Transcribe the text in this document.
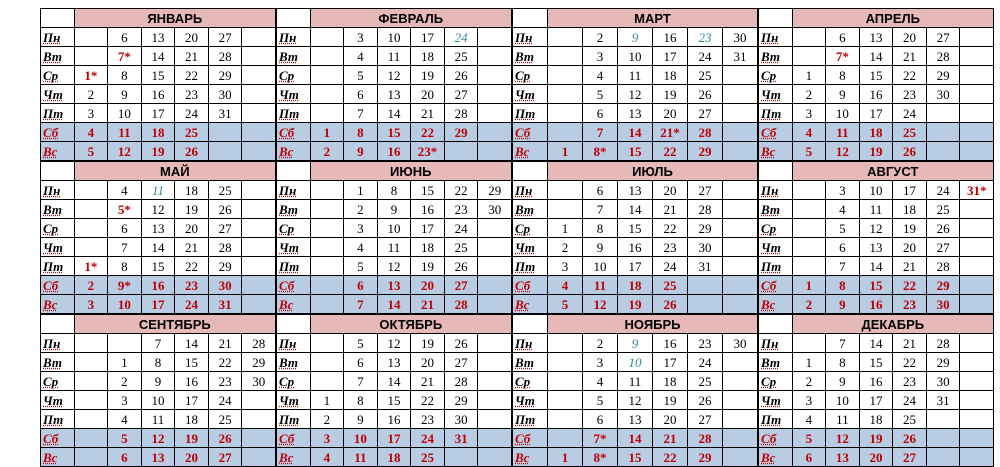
	ЯНВАРЬ					
Пн		6	13	20	27	
Вт		7*	14	21	28	
Ср	1*	8	15	22	29	
Чт	2	9	16	23	30	
Пт	3	10	17	24	31	
Сб	4	11	18	25		
Вс	5	12	19	26		
	ФЕВРАЛЬ					
Пн		3	10	17	24	
Вт		4	11	18	25	
Ср		5	12	19	26	
Чт		6	13	20	27	
Пт		7	14	21	28	
Сб	1	8	15	22	29	
Вс	2	9	16	23*		
	МАРТ					
Пн		2	9	16	23	30
Вт		3	10	17	24	31
Ср		4	11	18	25	
Чт		5	12	19	26	
Пт		6	13	20	27	
Сб		7	14	21*	28	
Вс	1	8*	15	22	29	
	АПРЕЛЬ					
Пн		6	13	20	27	
Вт		7*	14	21	28	
Ср	1	8	15	22	29	
Чт	2	9	16	23	30	
Пт	3	10	17	24		
Сб	4	11	18	25		
Вс	5	12	19	26		
	МАЙ					
Пн		4	11	18	25	
Вт		5*	12	19	26	
Ср		6	13	20	27	
Чт		7	14	21	28	
Пт	1*	8	15	22	29	
Сб	2	9*	16	23	30	
Вс	3	10	17	24	31	
	ИЮНЬ					
Пн		1	8	15	22	29
Вт		2	9	16	23	30
Ср		3	10	17	24	
Чт		4	11	18	25	
Пт		5	12	19	26	
Сб		6	13	20	27	
Вс		7	14	21	28	
	ИЮЛЬ					
Пн		6	13	20	27	
Вт		7	14	21	28	
Ср	1	8	15	22	29	
Чт	2	9	16	23	30	
Пт	3	10	17	24	31	
Сб	4	11	18	25		
Вс	5	12	19	26		
	АВГУСТ					
Пн		3	10	17	24	31*
Вт		4	11	18	25	
Ср		5	12	19	26	
Чт		6	13	20	27	
Пт		7	14	21	28	
Сб	1	8	15	22	29	
Вс	2	9	16	23	30	
	СЕНТЯБРЬ					
Пн			7	14	21	28
Вт		1	8	15	22	29
Ср		2	9	16	23	30
Чт		3	10	17	24	
Пт		4	11	18	25	
Сб		5	12	19	26	
Вс		6	13	20	27	
	ОКТЯБРЬ					
Пн		5	12	19	26	
Вт		6	13	20	27	
Ср		7	14	21	28	
Чт	1	8	15	22	29	
Пт	2	9	16	23	30	
Сб	3	10	17	24	31	
Вс	4	11	18	25		
	НОЯБРЬ					
Пн		2	9	16	23	30
Вт		3	10	17	24	
Ср		4	11	18	25	
Чт		5	12	19	26	
Пт		6	13	20	27	
Сб		7*	14	21	28	
Вс	1	8*	15	22	29	
	ДЕКАБРЬ					
Пн		7	14	21	28	
Вт	1	8	15	22	29	
Ср	2	9	16	23	30	
Чт	3	10	17	24	31	
Пт	4	11	18	25		
Сб	5	12	19	26		
Вс	6	13	20	27		
